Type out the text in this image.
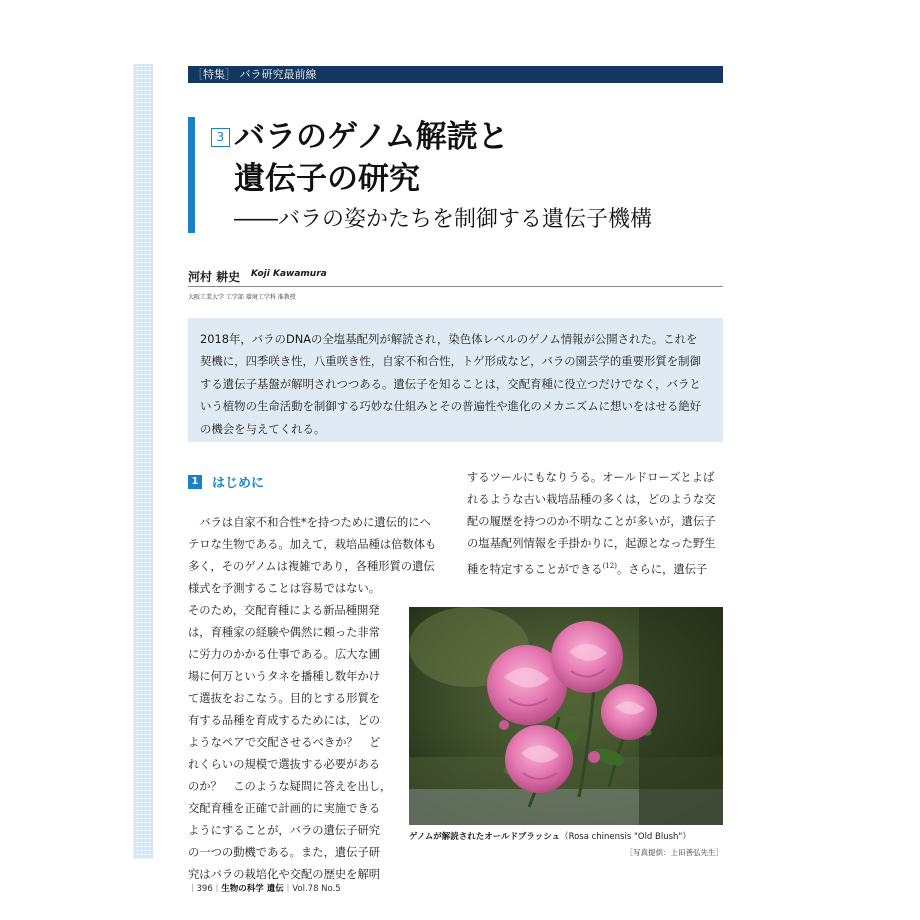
［特集］ バラ研究最前線
3 バラのゲノム解読と
遺伝子の研究

――バラの姿かたちを制御する遺伝子機構

河村 耕史 Koji Kawamura
大阪工業大学 工学部 環境工学科 准教授

2018年，バラのDNAの全塩基配列が解読され，染色体レベルのゲノム情報が公開された。これを
契機に，四季咲き性，八重咲き性，自家不和合性，トゲ形成など，バラの園芸学的重要形質を制御
する遺伝子基盤が解明されつつある。遺伝子を知ることは，交配育種に役立つだけでなく，バラと
いう植物の生命活動を制御する巧妙な仕組みとその普遍性や進化のメカニズムに想いをはせる絶好
の機会を与えてくれる。

1 はじめに

　バラは自家不和合性*を持つために遺伝的にヘ
テロな生物である。加えて，栽培品種は倍数体も
多く，そのゲノムは複雑であり，各種形質の遺伝
様式を予測することは容易ではない。

そのため，交配育種による新品種開発
は，育種家の経験や偶然に頼った非常
に労力のかかる仕事である。広大な圃
場に何万というタネを播種し数年かけ
て選抜をおこなう。目的とする形質を
有する品種を育成するためには，どの
ようなペアで交配させるべきか？　ど
れくらいの規模で選抜する必要がある
のか？　このような疑問に答えを出し，
交配育種を正確で計画的に実施できる
ようにすることが，バラの遺伝子研究
の一つの動機である。また，遺伝子研
究はバラの栽培化や交配の歴史を解明

するツールにもなりうる。オールドローズとよば
れるような古い栽培品種の多くは，どのような交
配の履歴を持つのか不明なことが多いが，遺伝子
の塩基配列情報を手掛かりに，起源となった野生
種を特定することができる$^{(12)}$。さらに，遺伝子

ゲノムが解読されたオールドブラッシュ（Rosa chinensis "Old Blush"）
［写真提供：上田善弘先生］
｜396｜生物の科学 遺伝｜Vol.78 No.5
